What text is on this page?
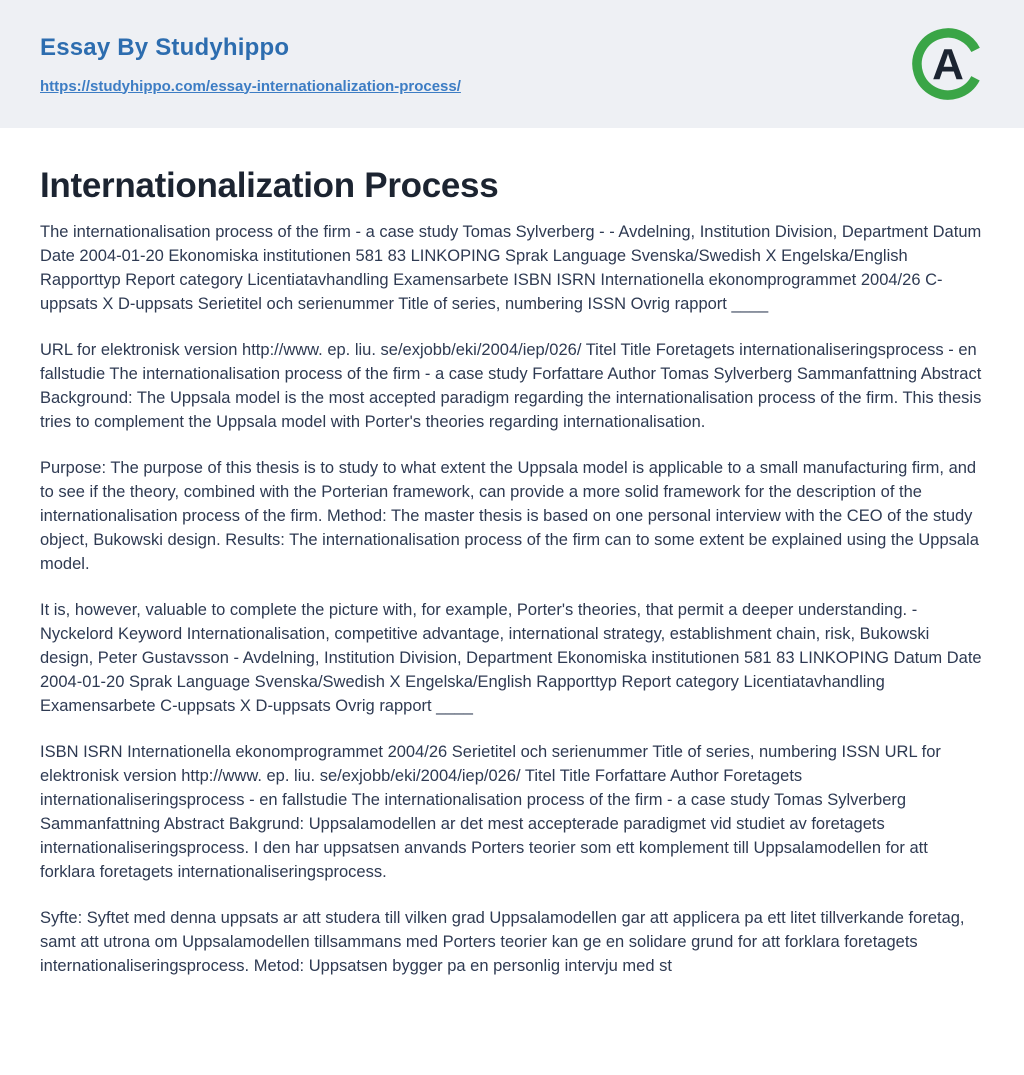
Essay By Studyhippo
https://studyhippo.com/essay-internationalization-process/	A
Internationalization Process

The internationalisation process of the firm - a case study Tomas Sylverberg - - Avdelning, Institution Division, Department Datum Date 2004-01-20 Ekonomiska institutionen 581 83 LINKOPING Sprak Language Svenska/Swedish X Engelska/English Rapporttyp Report category Licentiatavhandling Examensarbete ISBN ISRN Internationella ekonomprogrammet 2004/26 C-uppsats X D-uppsats Serietitel och serienummer Title of series, numbering ISSN Ovrig rapport ____

URL for elektronisk version http://www. ep. liu. se/exjobb/eki/2004/iep/026/ Titel Title Foretagets internationaliseringsprocess - en fallstudie The internationalisation process of the firm - a case study Forfattare Author Tomas Sylverberg Sammanfattning Abstract Background: The Uppsala model is the most accepted paradigm regarding the internationalisation process of the firm. This thesis tries to complement the Uppsala model with Porter's theories regarding internationalisation.

Purpose: The purpose of this thesis is to study to what extent the Uppsala model is applicable to a small manufacturing firm, and to see if the theory, combined with the Porterian framework, can provide a more solid framework for the description of the internationalisation process of the firm. Method: The master thesis is based on one personal interview with the CEO of the study object, Bukowski design. Results: The internationalisation process of the firm can to some extent be explained using the Uppsala model.

It is, however, valuable to complete the picture with, for example, Porter's theories, that permit a deeper understanding. - Nyckelord Keyword Internationalisation, competitive advantage, international strategy, establishment chain, risk, Bukowski design, Peter Gustavsson - Avdelning, Institution Division, Department Ekonomiska institutionen 581 83 LINKOPING Datum Date 2004-01-20 Sprak Language Svenska/Swedish X Engelska/English Rapporttyp Report category Licentiatavhandling Examensarbete C-uppsats X D-uppsats Ovrig rapport ____

ISBN ISRN Internationella ekonomprogrammet 2004/26 Serietitel och serienummer Title of series, numbering ISSN URL for elektronisk version http://www. ep. liu. se/exjobb/eki/2004/iep/026/ Titel Title Forfattare Author Foretagets internationaliseringsprocess - en fallstudie The internationalisation process of the firm - a case study Tomas Sylverberg Sammanfattning Abstract Bakgrund: Uppsalamodellen ar det mest accepterade paradigmet vid studiet av foretagets internationaliseringsprocess. I den har uppsatsen anvands Porters teorier som ett komplement till Uppsalamodellen for att forklara foretagets internationaliseringsprocess.

Syfte: Syftet med denna uppsats ar att studera till vilken grad Uppsalamodellen gar att applicera pa ett litet tillverkande foretag, samt att utrona om Uppsalamodellen tillsammans med Porters teorier kan ge en solidare grund for att forklara foretagets internationaliseringsprocess. Metod: Uppsatsen bygger pa en personlig intervju med st
